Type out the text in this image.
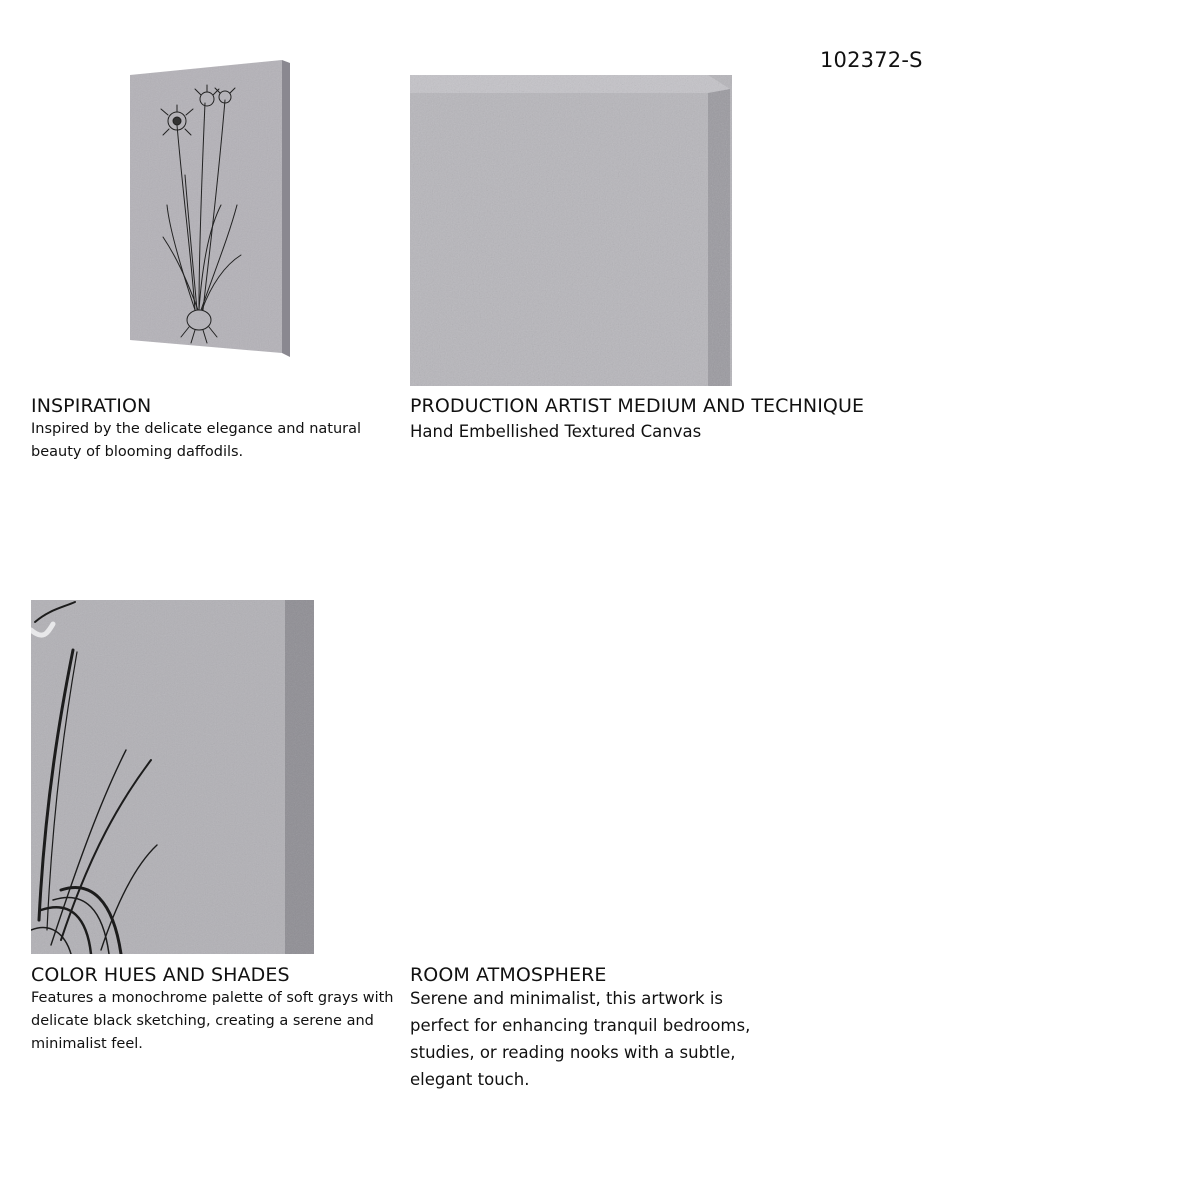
102372-S
INSPIRATION

Inspired by the delicate elegance and natural beauty of blooming daffodils.

PRODUCTION ARTIST MEDIUM AND TECHNIQUE

Hand Embellished Textured Canvas

COLOR HUES AND SHADES

Features a monochrome palette of soft grays with delicate black sketching, creating a serene and minimalist feel.

ROOM ATMOSPHERE

Serene and minimalist, this artwork is perfect for enhancing tranquil bedrooms, studies, or reading nooks with a subtle, elegant touch.
